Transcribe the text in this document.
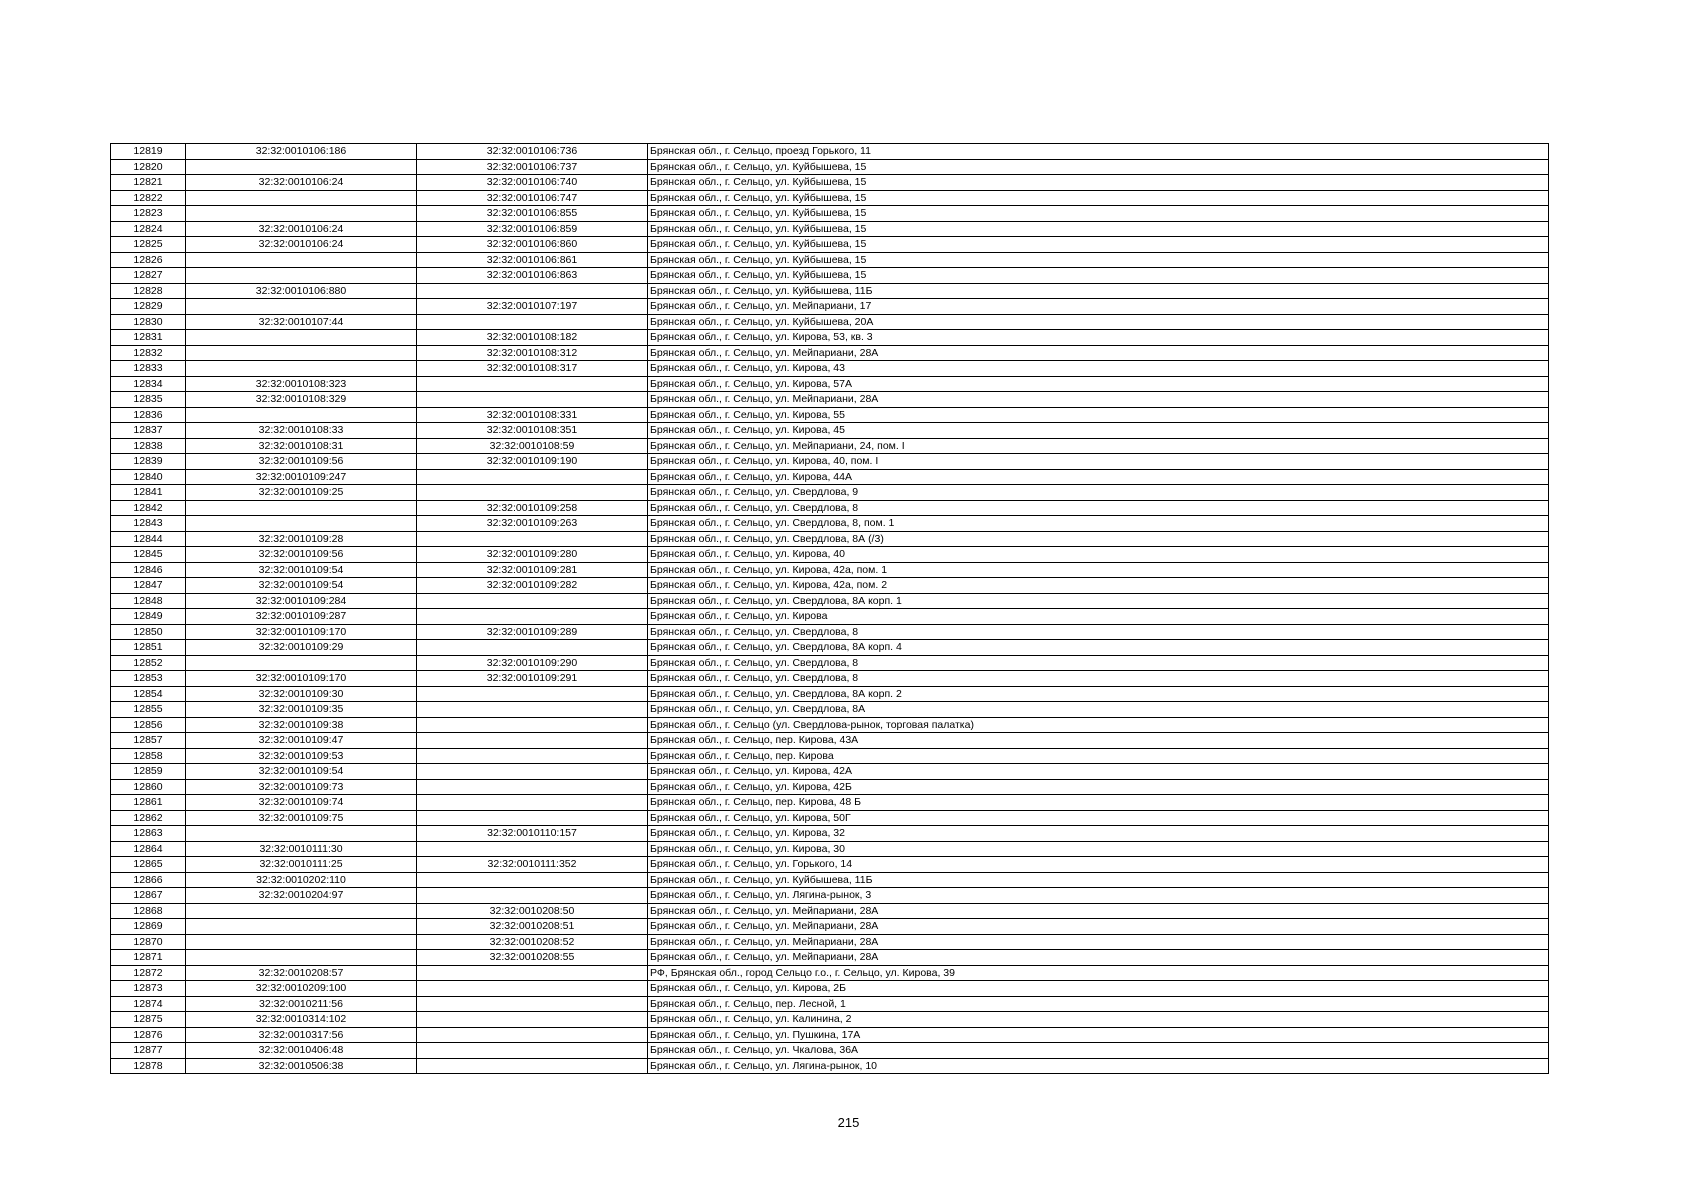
12819	32:32:0010106:186	32:32:0010106:736	Брянская обл., г. Сельцо, проезд Горького, 11
12820		32:32:0010106:737	Брянская обл., г. Сельцо, ул. Куйбышева, 15
12821	32:32:0010106:24	32:32:0010106:740	Брянская обл., г. Сельцо, ул. Куйбышева, 15
12822		32:32:0010106:747	Брянская обл., г. Сельцо, ул. Куйбышева, 15
12823		32:32:0010106:855	Брянская обл., г. Сельцо, ул. Куйбышева, 15
12824	32:32:0010106:24	32:32:0010106:859	Брянская обл., г. Сельцо, ул. Куйбышева, 15
12825	32:32:0010106:24	32:32:0010106:860	Брянская обл., г. Сельцо, ул. Куйбышева, 15
12826		32:32:0010106:861	Брянская обл., г. Сельцо, ул. Куйбышева, 15
12827		32:32:0010106:863	Брянская обл., г. Сельцо, ул. Куйбышева, 15
12828	32:32:0010106:880		Брянская обл., г. Сельцо, ул. Куйбышева, 11Б
12829		32:32:0010107:197	Брянская обл., г. Сельцо, ул. Мейпариани, 17
12830	32:32:0010107:44		Брянская обл., г. Сельцо, ул. Куйбышева, 20А
12831		32:32:0010108:182	Брянская обл., г. Сельцо, ул. Кирова, 53, кв. 3
12832		32:32:0010108:312	Брянская обл., г. Сельцо, ул. Мейпариани, 28А
12833		32:32:0010108:317	Брянская обл., г. Сельцо, ул. Кирова, 43
12834	32:32:0010108:323		Брянская обл., г. Сельцо, ул. Кирова, 57А
12835	32:32:0010108:329		Брянская обл., г. Сельцо, ул. Мейпариани, 28А
12836		32:32:0010108:331	Брянская обл., г. Сельцо, ул. Кирова, 55
12837	32:32:0010108:33	32:32:0010108:351	Брянская обл., г. Сельцо, ул. Кирова, 45
12838	32:32:0010108:31	32:32:0010108:59	Брянская обл., г. Сельцо, ул. Мейпариани, 24, пом. I
12839	32:32:0010109:56	32:32:0010109:190	Брянская обл., г. Сельцо, ул. Кирова, 40, пом. I
12840	32:32:0010109:247		Брянская обл., г. Сельцо, ул. Кирова, 44А
12841	32:32:0010109:25		Брянская обл., г. Сельцо, ул. Свердлова, 9
12842		32:32:0010109:258	Брянская обл., г. Сельцо, ул. Свердлова, 8
12843		32:32:0010109:263	Брянская обл., г. Сельцо, ул. Свердлова, 8, пом. 1
12844	32:32:0010109:28		Брянская обл., г. Сельцо, ул. Свердлова, 8А (/3)
12845	32:32:0010109:56	32:32:0010109:280	Брянская обл., г. Сельцо, ул. Кирова, 40
12846	32:32:0010109:54	32:32:0010109:281	Брянская обл., г. Сельцо, ул. Кирова, 42а, пом. 1
12847	32:32:0010109:54	32:32:0010109:282	Брянская обл., г. Сельцо, ул. Кирова, 42а, пом. 2
12848	32:32:0010109:284		Брянская обл., г. Сельцо, ул. Свердлова, 8А корп. 1
12849	32:32:0010109:287		Брянская обл., г. Сельцо, ул. Кирова
12850	32:32:0010109:170	32:32:0010109:289	Брянская обл., г. Сельцо, ул. Свердлова, 8
12851	32:32:0010109:29		Брянская обл., г. Сельцо, ул. Свердлова, 8А корп. 4
12852		32:32:0010109:290	Брянская обл., г. Сельцо, ул. Свердлова, 8
12853	32:32:0010109:170	32:32:0010109:291	Брянская обл., г. Сельцо, ул. Свердлова, 8
12854	32:32:0010109:30		Брянская обл., г. Сельцо, ул. Свердлова, 8А корп. 2
12855	32:32:0010109:35		Брянская обл., г. Сельцо, ул. Свердлова, 8А
12856	32:32:0010109:38		Брянская обл., г. Сельцо (ул. Свердлова-рынок, торговая палатка)
12857	32:32:0010109:47		Брянская обл., г. Сельцо, пер. Кирова, 43А
12858	32:32:0010109:53		Брянская обл., г. Сельцо, пер. Кирова
12859	32:32:0010109:54		Брянская обл., г. Сельцо, ул. Кирова, 42А
12860	32:32:0010109:73		Брянская обл., г. Сельцо, ул. Кирова, 42Б
12861	32:32:0010109:74		Брянская обл., г. Сельцо, пер. Кирова, 48 Б
12862	32:32:0010109:75		Брянская обл., г. Сельцо, ул. Кирова, 50Г
12863		32:32:0010110:157	Брянская обл., г. Сельцо, ул. Кирова, 32
12864	32:32:0010111:30		Брянская обл., г. Сельцо, ул. Кирова, 30
12865	32:32:0010111:25	32:32:0010111:352	Брянская обл., г. Сельцо, ул. Горького, 14
12866	32:32:0010202:110		Брянская обл., г. Сельцо, ул. Куйбышева, 11Б
12867	32:32:0010204:97		Брянская обл., г. Сельцо, ул. Лягина-рынок, 3
12868		32:32:0010208:50	Брянская обл., г. Сельцо, ул. Мейпариани, 28А
12869		32:32:0010208:51	Брянская обл., г. Сельцо, ул. Мейпариани, 28А
12870		32:32:0010208:52	Брянская обл., г. Сельцо, ул. Мейпариани, 28А
12871		32:32:0010208:55	Брянская обл., г. Сельцо, ул. Мейпариани, 28А
12872	32:32:0010208:57		РФ, Брянская обл., город Сельцо г.о., г. Сельцо, ул. Кирова, 39
12873	32:32:0010209:100		Брянская обл., г. Сельцо, ул. Кирова, 2Б
12874	32:32:0010211:56		Брянская обл., г. Сельцо, пер. Лесной, 1
12875	32:32:0010314:102		Брянская обл., г. Сельцо, ул. Калинина, 2
12876	32:32:0010317:56		Брянская обл., г. Сельцо, ул. Пушкина, 17А
12877	32:32:0010406:48		Брянская обл., г. Сельцо, ул. Чкалова, 36А
12878	32:32:0010506:38		Брянская обл., г. Сельцо, ул. Лягина-рынок, 10
215
